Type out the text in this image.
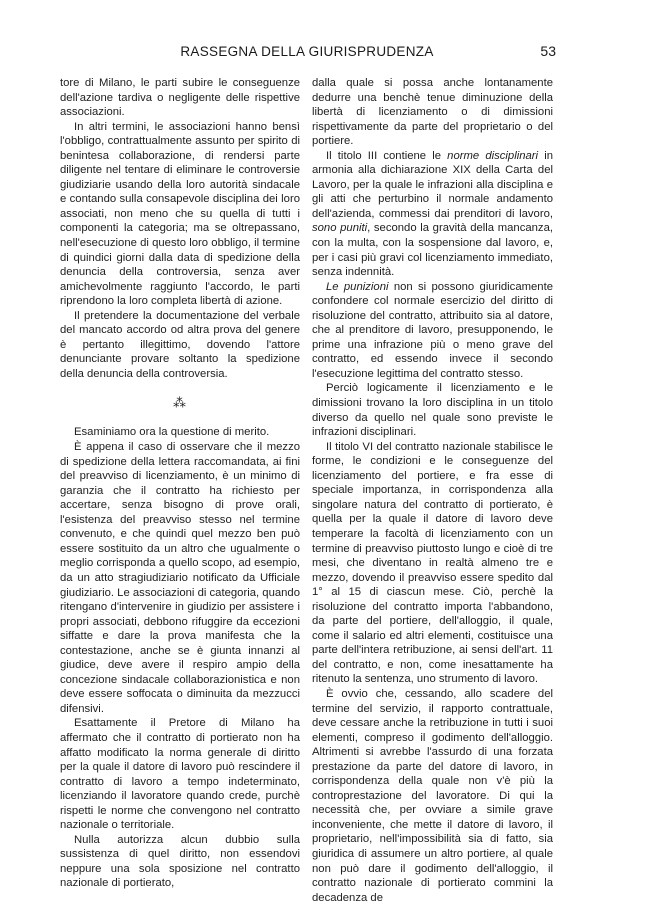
RASSEGNA DELLA GIURISPRUDENZA	53

tore di Milano, le parti subire le conseguenze dell'azione tardiva o negligente delle rispettive associazioni.

In altri termini, le associazioni hanno bensì l'obbligo, contrattualmente assunto per spirito di benintesa collaborazione, di rendersi parte diligente nel tentare di eliminare le controversie giudiziarie usando della loro autorità sindacale e contando sulla consapevole disciplina dei loro associati, non meno che su quella di tutti i componenti la categoria; ma se oltrepassano, nell'esecuzione di questo loro obbligo, il termine di quindici giorni dalla data di spedizione della denuncia della controversia, senza aver amichevolmente raggiunto l'accordo, le parti riprendono la loro completa libertà di azione.

Il pretendere la documentazione del verbale del mancato accordo od altra prova del genere è pertanto illegittimo, dovendo l'attore denunciante provare soltanto la spedizione della denuncia della controversia.

⁂

Esaminiamo ora la questione di merito.

È appena il caso di osservare che il mezzo di spedizione della lettera raccomandata, ai fini del preavviso di licenziamento, è un minimo di garanzia che il contratto ha richiesto per accertare, senza bisogno di prove orali, l'esistenza del preavviso stesso nel termine convenuto, e che quindi quel mezzo ben può essere sostituito da un altro che ugualmente o meglio corrisponda a quello scopo, ad esempio, da un atto stragiudiziario notificato da Ufficiale giudiziario. Le associazioni di categoria, quando ritengano d'intervenire in giudizio per assistere i propri associati, debbono rifuggire da eccezioni siffatte e dare la prova manifesta che la contestazione, anche se è giunta innanzi al giudice, deve avere il respiro ampio della concezione sindacale collaborazionistica e non deve essere soffocata o diminuita da mezzucci difensivi.

Esattamente il Pretore di Milano ha affermato che il contratto di portierato non ha affatto modificato la norma generale di diritto per la quale il datore di lavoro può rescindere il contratto di lavoro a tempo indeterminato, licenziando il lavoratore quando crede, purchè rispetti le norme che convengono nel contratto nazionale o territoriale.

Nulla autorizza alcun dubbio sulla sussistenza di quel diritto, non essendovi neppure una sola sposizione nel contratto nazionale di portierato,

dalla quale si possa anche lontanamente dedurre una benchè tenue diminuzione della libertà di licenziamento o di dimissioni rispettivamente da parte del proprietario o del portiere.

Il titolo III contiene le norme disciplinari in armonia alla dichiarazione XIX della Carta del Lavoro, per la quale le infrazioni alla disciplina e gli atti che perturbino il normale andamento dell'azienda, commessi dai prenditori di lavoro, sono puniti, secondo la gravità della mancanza, con la multa, con la sospensione dal lavoro, e, per i casi più gravi col licenziamento immediato, senza indennità.

Le punizioni non si possono giuridicamente confondere col normale esercizio del diritto di risoluzione del contratto, attribuito sia al datore, che al prenditore di lavoro, presupponendo, le prime una infrazione più o meno grave del contratto, ed essendo invece il secondo l'esecuzione legittima del contratto stesso.

Perciò logicamente il licenziamento e le dimissioni trovano la loro disciplina in un titolo diverso da quello nel quale sono previste le infrazioni disciplinari.

Il titolo VI del contratto nazionale stabilisce le forme, le condizioni e le conseguenze del licenziamento del portiere, e fra esse di speciale importanza, in corrispondenza alla singolare natura del contratto di portierato, è quella per la quale il datore di lavoro deve temperare la facoltà di licenziamento con un termine di preavviso piuttosto lungo e cioè di tre mesi, che diventano in realtà almeno tre e mezzo, dovendo il preavviso essere spedito dal 1° al 15 di ciascun mese. Ciò, perchè la risoluzione del contratto importa l'abbandono, da parte del portiere, dell'alloggio, il quale, come il salario ed altri elementi, costituisce una parte dell'intera retribuzione, ai sensi dell'art. 11 del contratto, e non, come inesattamente ha ritenuto la sentenza, uno strumento di lavoro.

È ovvio che, cessando, allo scadere del termine del servizio, il rapporto contrattuale, deve cessare anche la retribuzione in tutti i suoi elementi, compreso il godimento dell'alloggio. Altrimenti si avrebbe l'assurdo di una forzata prestazione da parte del datore di lavoro, in corrispondenza della quale non v'è più la controprestazione del lavoratore. Di qui la necessità che, per ovviare a simile grave inconveniente, che mette il datore di lavoro, il proprietario, nell'impossibilità sia di fatto, sia giuridica di assumere un altro portiere, al quale non può dare il godimento dell'alloggio, il contratto nazionale di portierato commini la decadenza de
